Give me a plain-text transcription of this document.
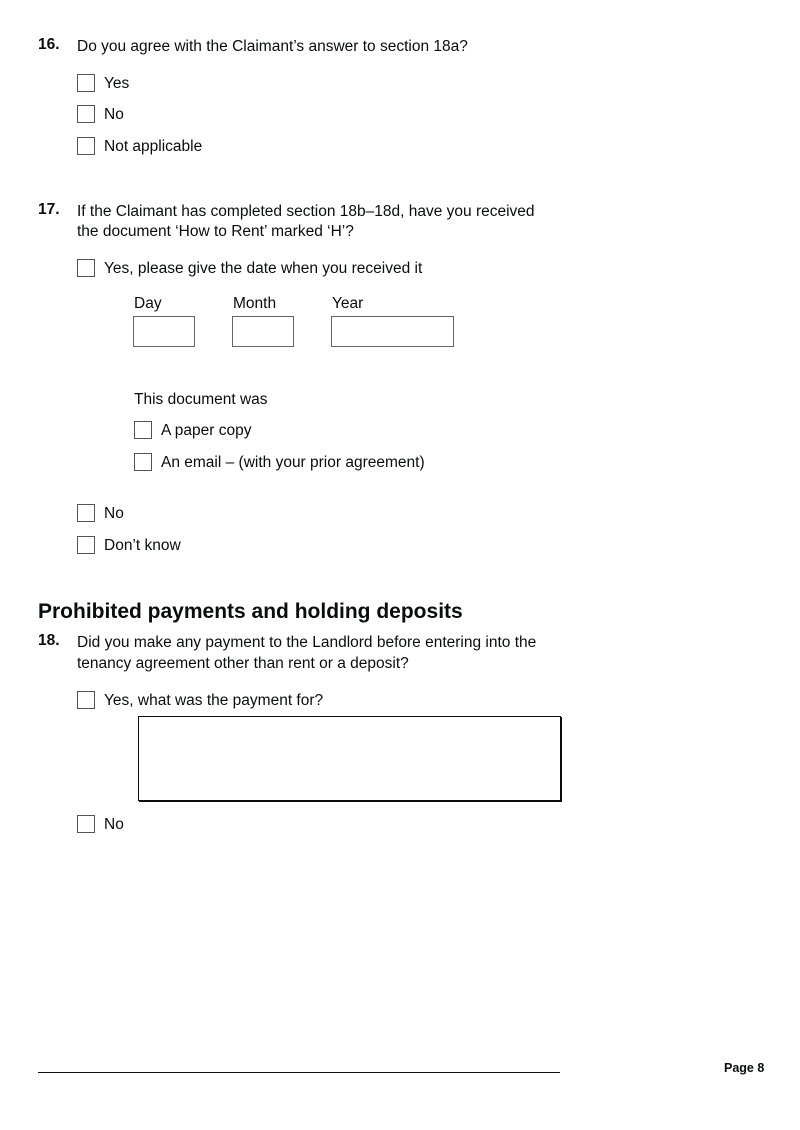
16. Do you agree with the Claimant’s answer to section 18a?
Yes
No
Not applicable
17. If the Claimant has completed section 18b–18d, have you received
the document ‘How to Rent’ marked ‘H’?
Yes, please give the date when you received it
Day	Month	Year
This document was
A paper copy
An email – (with your prior agreement)
No
Don’t know
Prohibited payments and holding deposits
18. Did you make any payment to the Landlord before entering into the
tenancy agreement other than rent or a deposit?
Yes, what was the payment for?
No
Page 8
